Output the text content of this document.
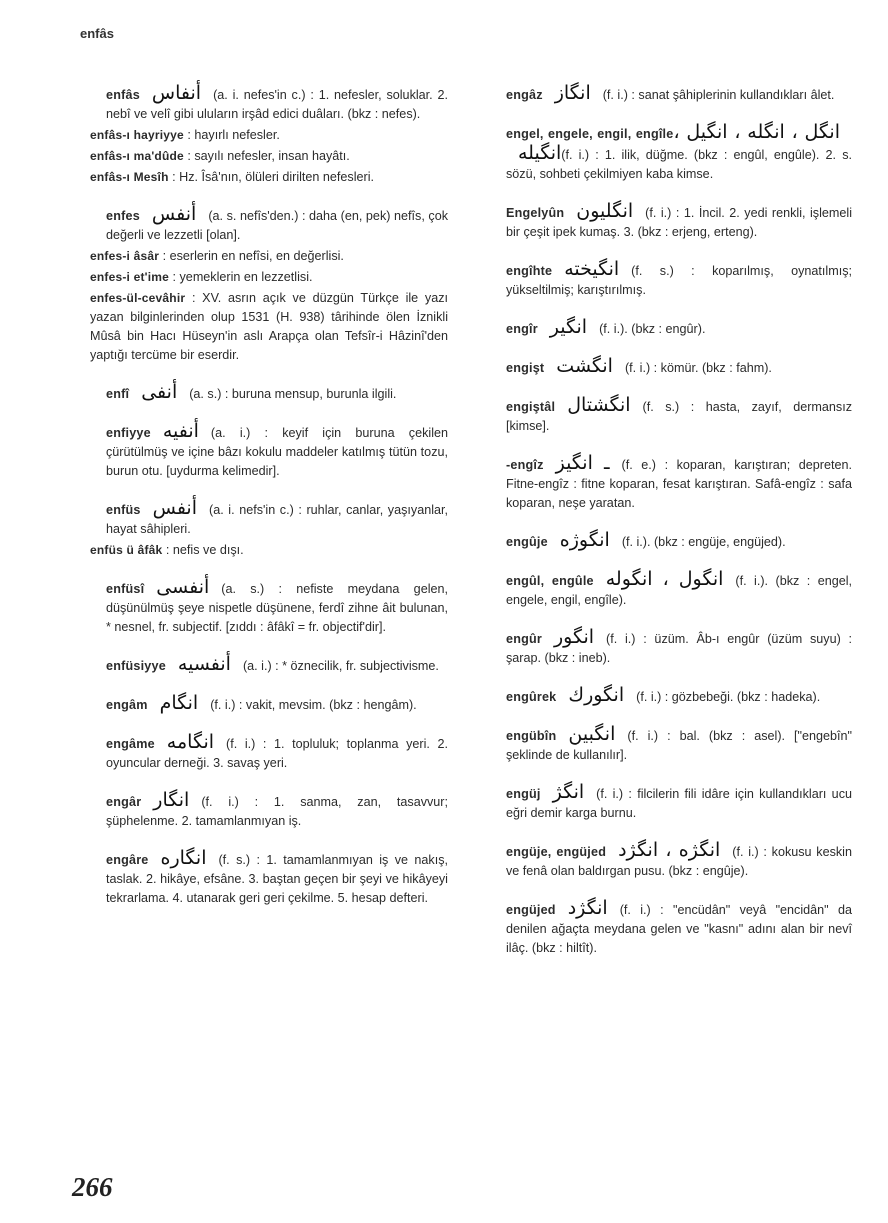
enfâs
enfâs أنفاس (a. i. nefes'in c.) : 1. nefesler, soluklar. 2. nebî ve velî gibi uluların irşâd edici duâları. (bkz : nefes).
enfâs-ı hayriyye : hayırlı nefesler.
enfâs-ı ma'dûde : sayılı nefesler, insan hayâtı.
enfâs-ı Mesîh : Hz. Îsâ'nın, ölüleri dirilten nefesleri.
enfes أنفس (a. s. nefîs'den.) : daha (en, pek) nefîs, çok değerli ve lezzetli [olan].
enfes-i âsâr : eserlerin en nefîsi, en değerlisi.
enfes-i et'ime : yemeklerin en lezzetlisi.
enfes-ül-cevâhir : XV. asrın açık ve düzgün Türkçe ile yazı yazan bilginlerinden olup 1531 (H. 938) târihinde ölen İznikli Mûsâ bin Hacı Hüseyn'in aslı Arapça olan Tefsîr-i Hâzinî'den yaptığı tercüme bir eserdir.
enfî أنفى (a. s.) : buruna mensup, burunla ilgili.
enfiyye أنفيه (a. i.) : keyif için buruna çekilen çürütülmüş ve içine bâzı kokulu maddeler katılmış tütün tozu, burun otu. [uydurma kelimedir].
enfüs أنفس (a. i. nefs'in c.) : ruhlar, canlar, yaşıyanlar, hayat sâhipleri.
enfüs ü âfâk : nefis ve dışı.
enfüsî أنفسى (a. s.) : nefiste meydana gelen, düşünülmüş şeye nispetle düşünene, ferdî zihne âit bulunan, * nesnel, fr. subjectif. [zıddı : âfâkî = fr. objectif'dir].
enfüsiyye أنفسيه (a. i.) : * öznecilik, fr. subjectivisme.
engâm انگام (f. i.) : vakit, mevsim. (bkz : hengâm).
engâme انگامه (f. i.) : 1. topluluk; toplanma yeri. 2. oyuncular derneği. 3. savaş yeri.
engâr انگار (f. i.) : 1. sanma, zan, tasavvur; şüphelenme. 2. tamamlanmıyan iş.
engâre انگاره (f. s.) : 1. tamamlanmıyan iş ve nakış, taslak. 2. hikâye, efsâne. 3. baştan geçen bir şeyi ve hikâyeyi tekrarlama. 4. utanarak geri geri çekilme. 5. hesap defteri.
engâz انگاز (f. i.) : sanat şâhiplerinin kullandıkları âlet.
engel, engele, engil, engîleانگل ، انگله ، انگیل ، انگیله(f. i.) : 1. ilik, düğme. (bkz : engûl, engûle). 2. s. sözü, sohbeti çekilmiyen kaba kimse.
Engelyûn انگلیون (f. i.) : 1. İncil. 2. yedi renkli, işlemeli bir çeşit ipek kumaş. 3. (bkz : erjeng, erteng).
engîhte انگیخته (f. s.) : koparılmış, oynatılmış; yükseltilmiş; karıştırılmış.
engîr انگیر (f. i.). (bkz : engûr).
engişt انگشت (f. i.) : kömür. (bkz : fahm).
engiştâl انگشتال (f. s.) : hasta, zayıf, dermansız [kimse].
-engîz ـ انگیز (f. e.) : koparan, karıştıran; depreten. Fitne-engîz : fitne koparan, fesat karıştıran. Safâ-engîz : safa koparan, neşe yaratan.
engûje انگوژه (f. i.). (bkz : engüje, engüjed).
engûl, engûle انگول ، انگوله (f. i.). (bkz : engel, engele, engil, engîle).
engûr انگور (f. i.) : üzüm. Âb-ı engûr (üzüm suyu) : şarap. (bkz : ineb).
engûrek انگورك (f. i.) : gözbebeği. (bkz : hadeka).
engübîn انگبین (f. i.) : bal. (bkz : asel). ["engebîn" şeklinde de kullanılır].
engüj انگژ (f. i.) : filcilerin fili idâre için kullandıkları ucu eğri demir karga burnu.
engüje, engüjed انگژه ، انگژد (f. i.) : kokusu keskin ve fenâ olan baldırgan pusu. (bkz : engûje).
engüjed انگژد (f. i.) : "encüdân" veyâ "encidân" da denilen ağaçta meydana gelen ve "kasnı" adını alan bir nevî ilâç. (bkz : hiltît).
266
